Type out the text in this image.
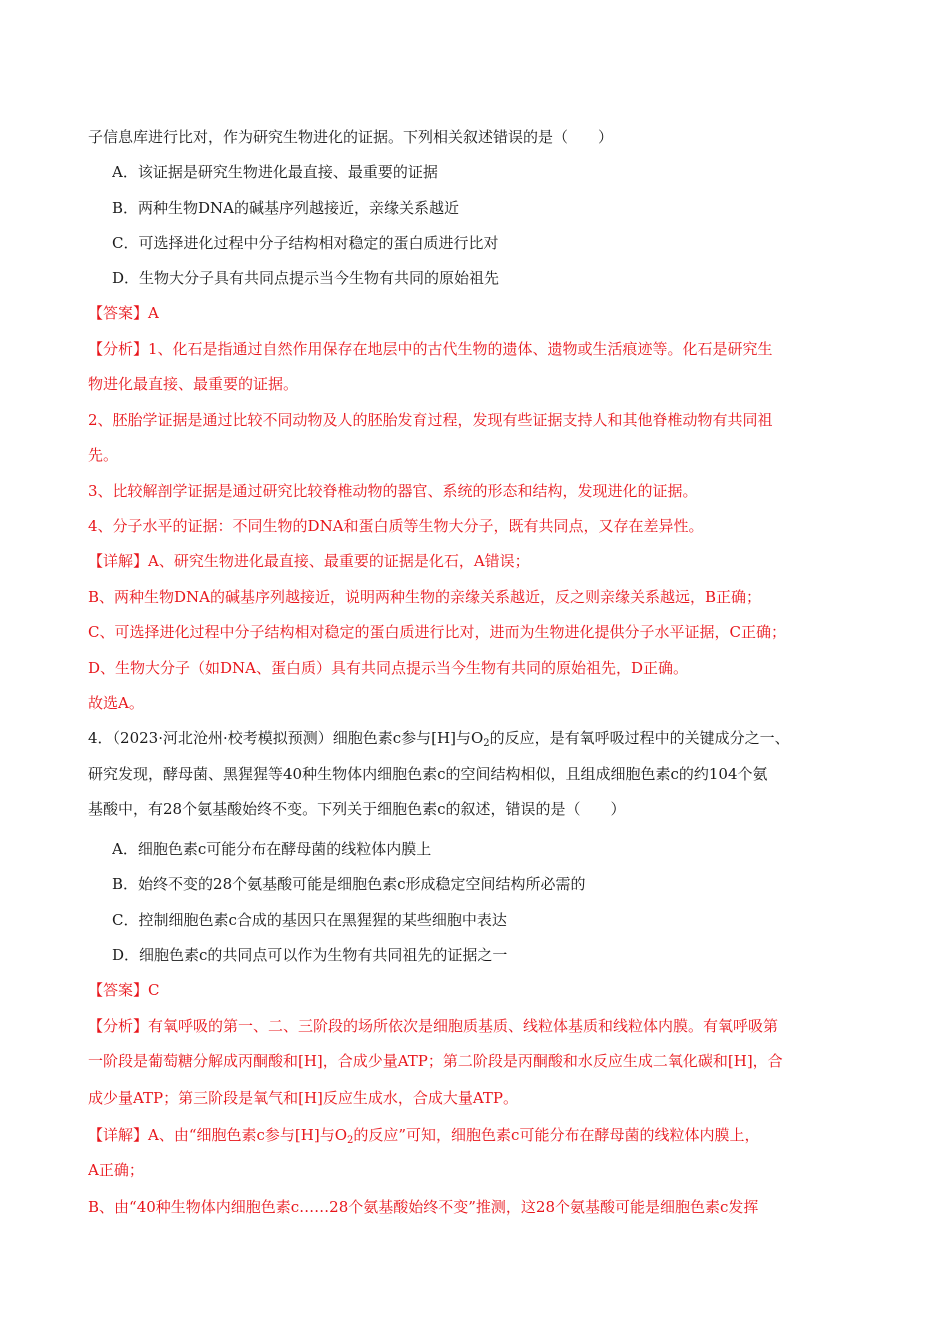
子信息库进行比对，作为研究生物进化的证据。下列相关叙述错误的是（　　）
A．该证据是研究生物进化最直接、最重要的证据
B．两种生物DNA的碱基序列越接近，亲缘关系越近
C．可选择进化过程中分子结构相对稳定的蛋白质进行比对
D．生物大分子具有共同点提示当今生物有共同的原始祖先
【答案】A
【分析】1、化石是指通过自然作用保存在地层中的古代生物的遗体、遗物或生活痕迹等。化石是研究生
物进化最直接、最重要的证据。
2、胚胎学证据是通过比较不同动物及人的胚胎发育过程，发现有些证据支持人和其他脊椎动物有共同祖
先。
3、比较解剖学证据是通过研究比较脊椎动物的器官、系统的形态和结构，发现进化的证据。
4、分子水平的证据：不同生物的DNA和蛋白质等生物大分子，既有共同点，又存在差异性。
【详解】A、研究生物进化最直接、最重要的证据是化石，A错误；
B、两种生物DNA的碱基序列越接近，说明两种生物的亲缘关系越近，反之则亲缘关系越远，B正确；
C、可选择进化过程中分子结构相对稳定的蛋白质进行比对，进而为生物进化提供分子水平证据，C正确；
D、生物大分子（如DNA、蛋白质）具有共同点提示当今生物有共同的原始祖先，D正确。
故选A。
4．（2023·河北沧州·校考模拟预测）细胞色素c参与[H]与$O_2$的反应，是有氧呼吸过程中的关键成分之一、
研究发现，酵母菌、黑猩猩等40种生物体内细胞色素c的空间结构相似，且组成细胞色素c的约104个氨
基酸中，有28个氨基酸始终不变。下列关于细胞色素c的叙述，错误的是（　　）
A．细胞色素c可能分布在酵母菌的线粒体内膜上
B．始终不变的28个氨基酸可能是细胞色素c形成稳定空间结构所必需的
C．控制细胞色素c合成的基因只在黑猩猩的某些细胞中表达
D．细胞色素c的共同点可以作为生物有共同祖先的证据之一
【答案】C
【分析】有氧呼吸的第一、二、三阶段的场所依次是细胞质基质、线粒体基质和线粒体内膜。有氧呼吸第
一阶段是葡萄糖分解成丙酮酸和[H]，合成少量ATP；第二阶段是丙酮酸和水反应生成二氧化碳和[H]，合
成少量ATP；第三阶段是氧气和[H]反应生成水，合成大量ATP。
【详解】A、由“细胞色素c参与[H]与$O_2$的反应”可知，细胞色素c可能分布在酵母菌的线粒体内膜上，
A正确；
B、由“40种生物体内细胞色素c……28个氨基酸始终不变”推测，这28个氨基酸可能是细胞色素c发挥
